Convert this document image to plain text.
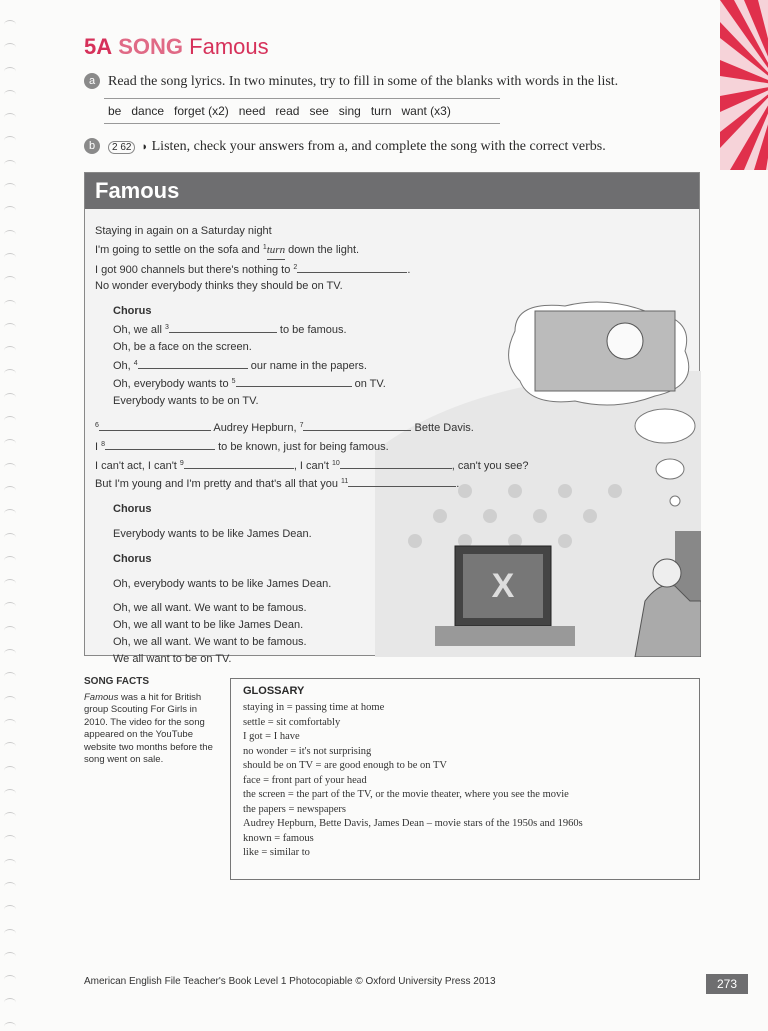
5A SONG Famous
a Read the song lyrics. In two minutes, try to fill in some of the blanks with words in the list.
be   dance   forget (x2)   need   read   see   sing   turn   want (x3)
b 2 62 ◗ Listen, check your answers from a, and complete the song with the correct verbs.
Famous
X

Staying in again on a Saturday night

I'm going to settle on the sofa and $^1$turn down the light.

I got 900 channels but there's nothing to $^2$	.

No wonder everybody thinks they should be on TV.

Chorus

Oh, we all $^3$	to be famous.

Oh, be a face on the screen.

Oh, $^4$	our name in the papers.

Oh, everybody wants to $^5$	on TV.

Everybody wants to be on TV.

$^6$	Audrey Hepburn, $^7$	Bette Davis.

I $^8$	to be known, just for being famous.

I can't act, I can't $^9$	, I can't $^{10}$	, can't you see?

But I'm young and I'm pretty and that's all that you $^{11}$	.

Chorus

Everybody wants to be like James Dean.

Chorus

Oh, everybody wants to be like James Dean.

Oh, we all want. We want to be famous.

Oh, we all want to be like James Dean.

Oh, we all want. We want to be famous.

We all want to be on TV.

SONG FACTS
Famous was a hit for British group Scouting For Girls in 2010. The video for the song appeared on the YouTube website two months before the song went on sale.
GLOSSARY

staying in = passing time at home

settle = sit comfortably

I got = I have

no wonder = it's not surprising

should be on TV = are good enough to be on TV

face = front part of your head

the screen = the part of the TV, or the movie theater, where you see the movie

the papers = newspapers

Audrey Hepburn, Bette Davis, James Dean – movie stars of the 1950s and 1960s

known = famous

like = similar to

American English File Teacher's Book Level 1 Photocopiable © Oxford University Press 2013	273
